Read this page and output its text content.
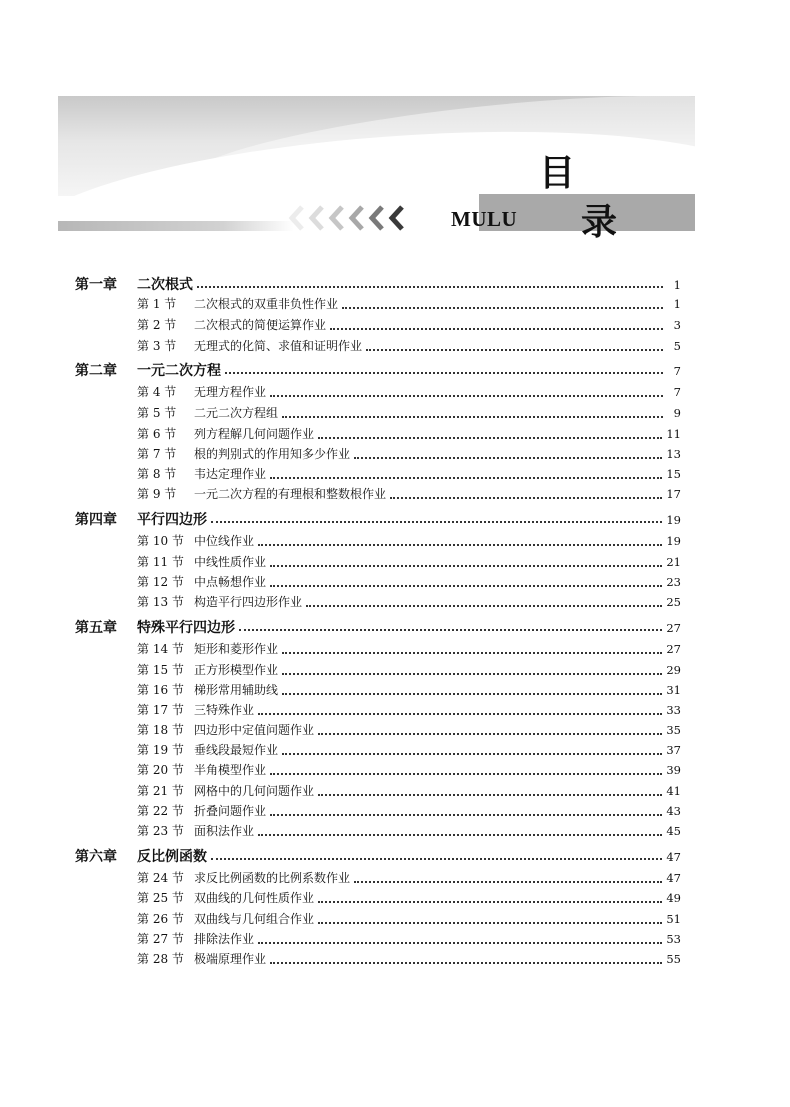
MULU
目
录
第一章	二次根式	1
第 1 节	二次根式的双重非负性作业	1
第 2 节	二次根式的简便运算作业	3
第 3 节	无理式的化简、求值和证明作业	5
第二章	一元二次方程	7
第 4 节	无理方程作业	7
第 5 节	二元二次方程组	9
第 6 节	列方程解几何问题作业	11
第 7 节	根的判别式的作用知多少作业	13
第 8 节	韦达定理作业	15
第 9 节	一元二次方程的有理根和整数根作业	17
第四章	平行四边形	19
第 10 节 中位线作业	19
第 11 节 中线性质作业	21
第 12 节 中点畅想作业	23
第 13 节 构造平行四边形作业	25
第五章	特殊平行四边形	27
第 14 节 矩形和菱形作业	27
第 15 节 正方形模型作业	29
第 16 节 梯形常用辅助线	31
第 17 节 三特殊作业	33
第 18 节 四边形中定值问题作业	35
第 19 节 垂线段最短作业	37
第 20 节 半角模型作业	39
第 21 节 网格中的几何问题作业	41
第 22 节 折叠问题作业	43
第 23 节 面积法作业	45
第六章	反比例函数	47
第 24 节 求反比例函数的比例系数作业	47
第 25 节 双曲线的几何性质作业	49
第 26 节 双曲线与几何组合作业	51
第 27 节 排除法作业	53
第 28 节 极端原理作业	55
